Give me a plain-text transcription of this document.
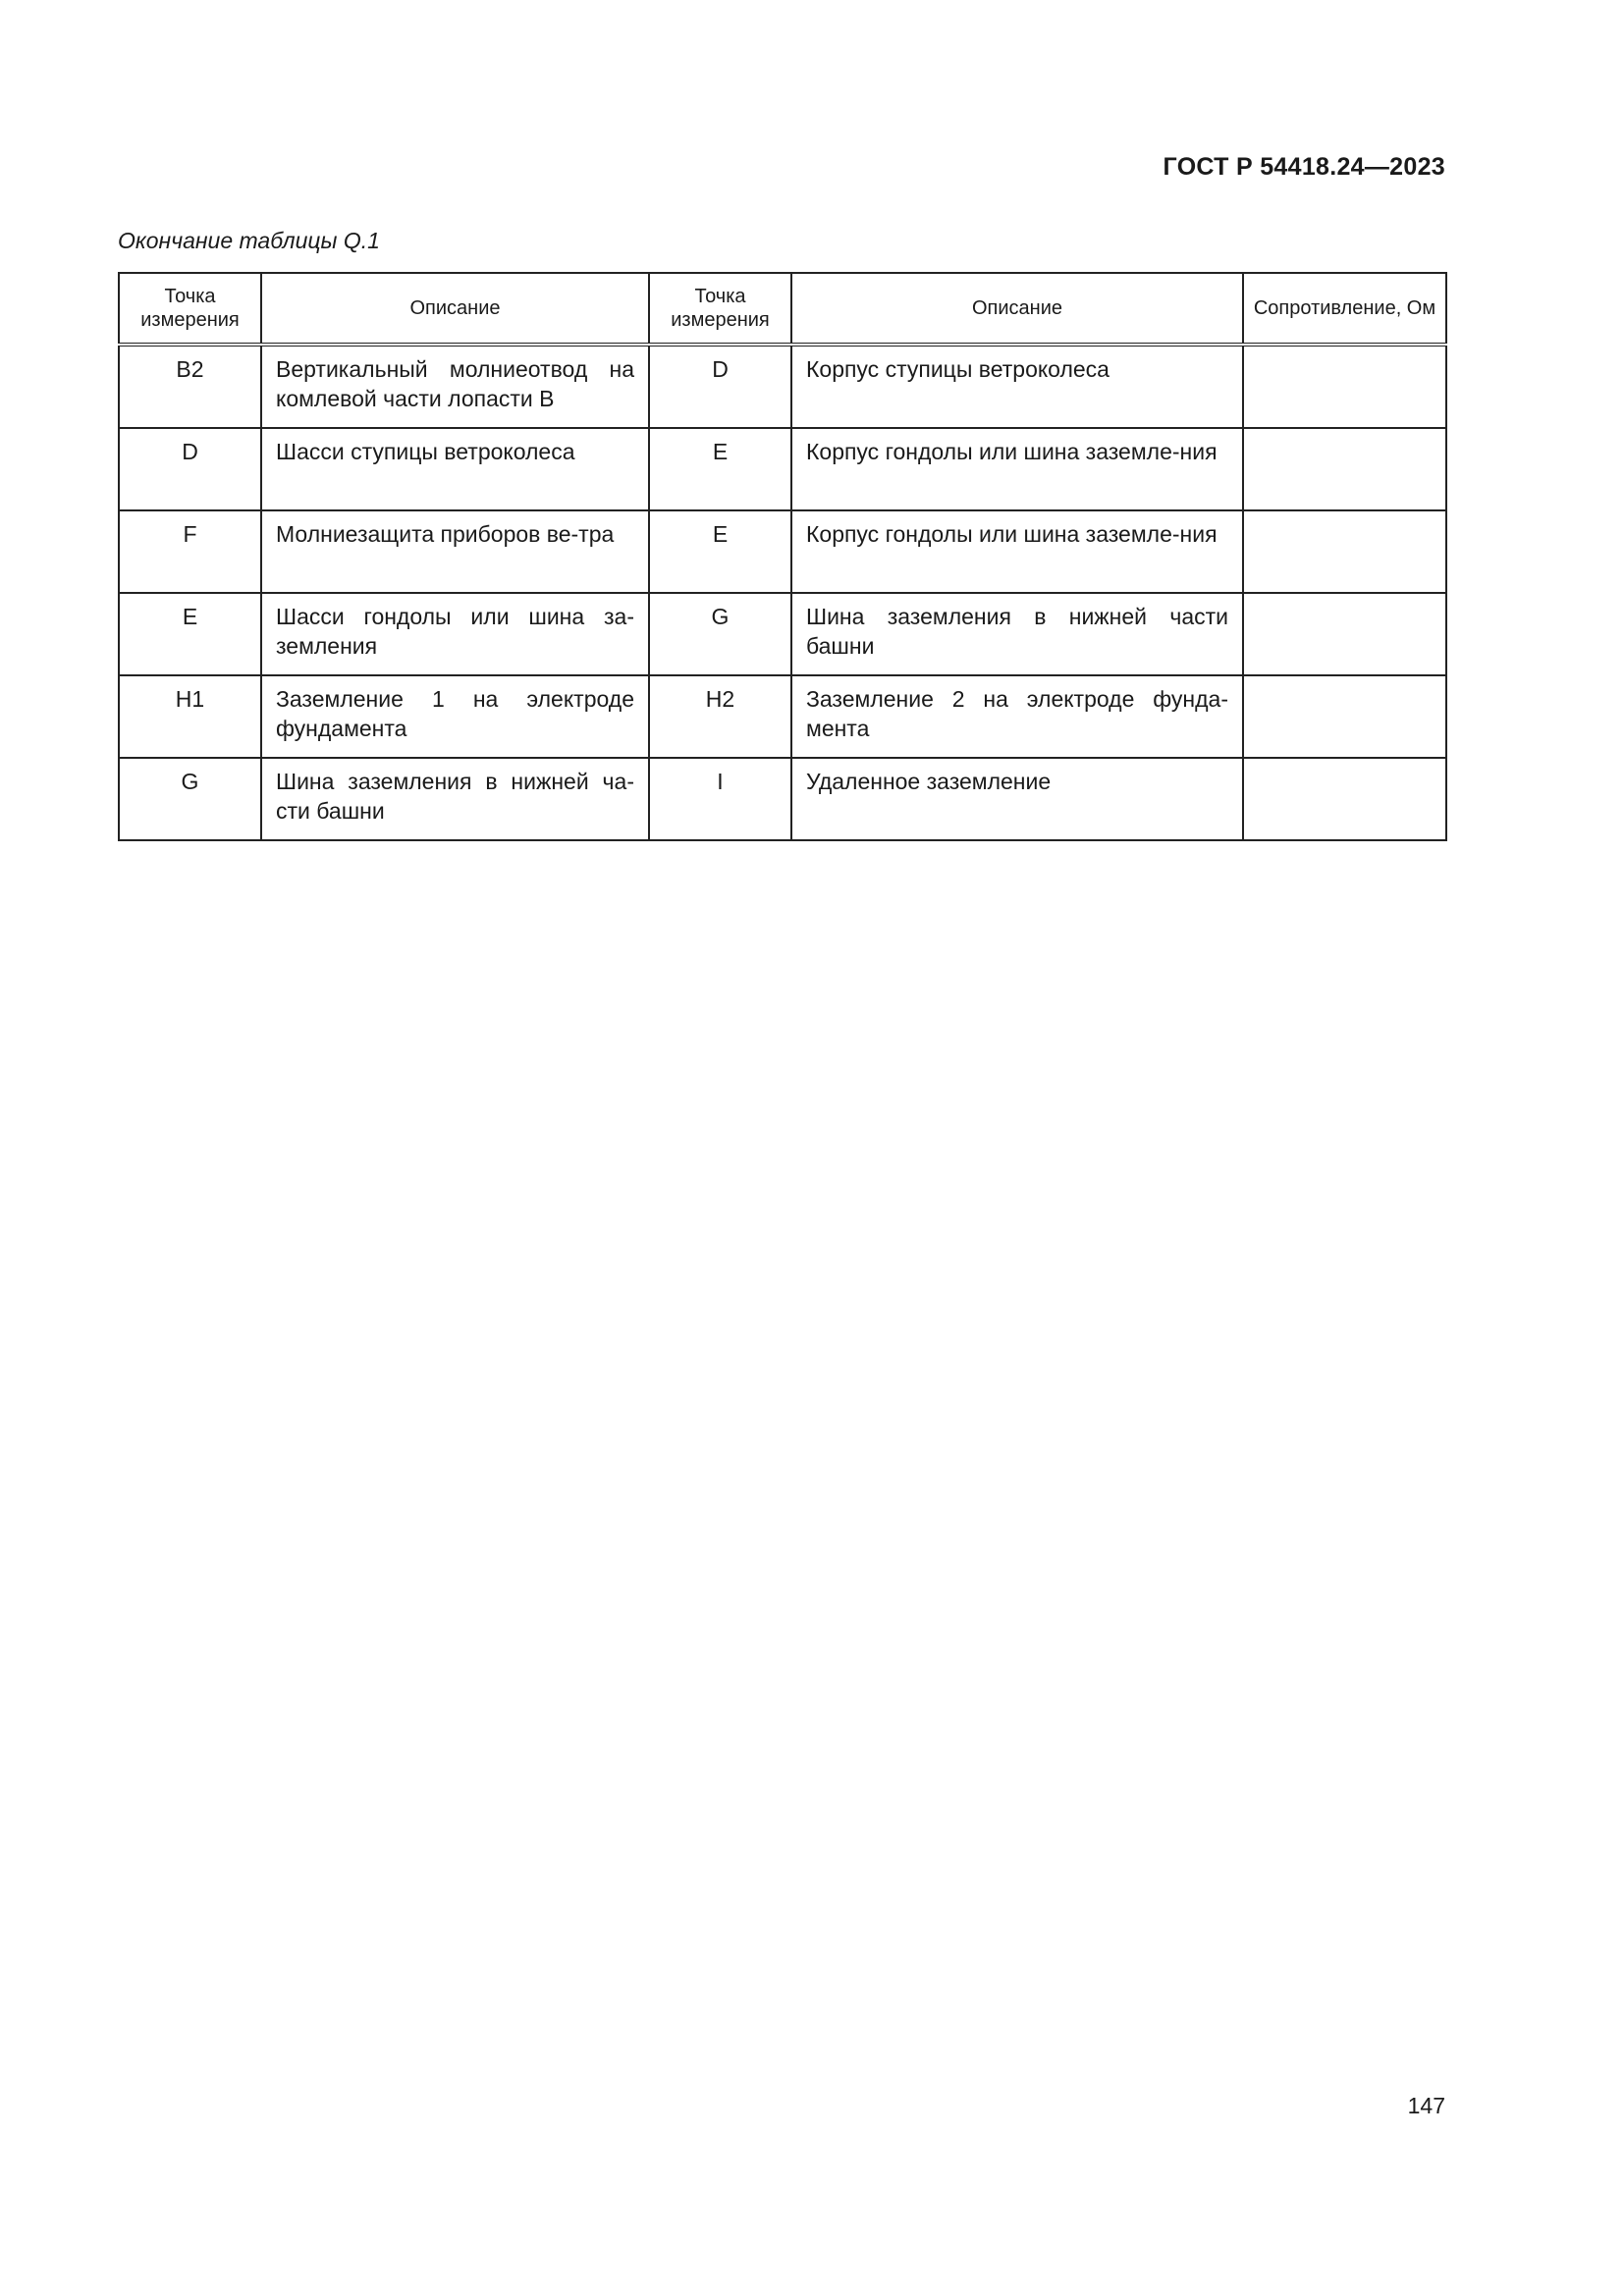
ГОСТ Р 54418.24—2023
Окончание таблицы Q.1
Точка измерения	Описание	Точка измерения	Описание	Сопротивление, Ом
B2	Вертикальный молниеотвод на комлевой части лопасти B	D	Корпус ступицы ветроколеса	
D	Шасси ступицы ветроколеса	E	Корпус гондолы или шина заземле-ния	
F	Молниезащита приборов ве-тра	E	Корпус гондолы или шина заземле-ния	
E	Шасси гондолы или шина за-земления	G	Шина заземления в нижней части башни	
H1	Заземление 1 на электроде фундамента	H2	Заземление 2 на электроде фунда-мента	
G	Шина заземления в нижней ча-сти башни	I	Удаленное заземление	
147
